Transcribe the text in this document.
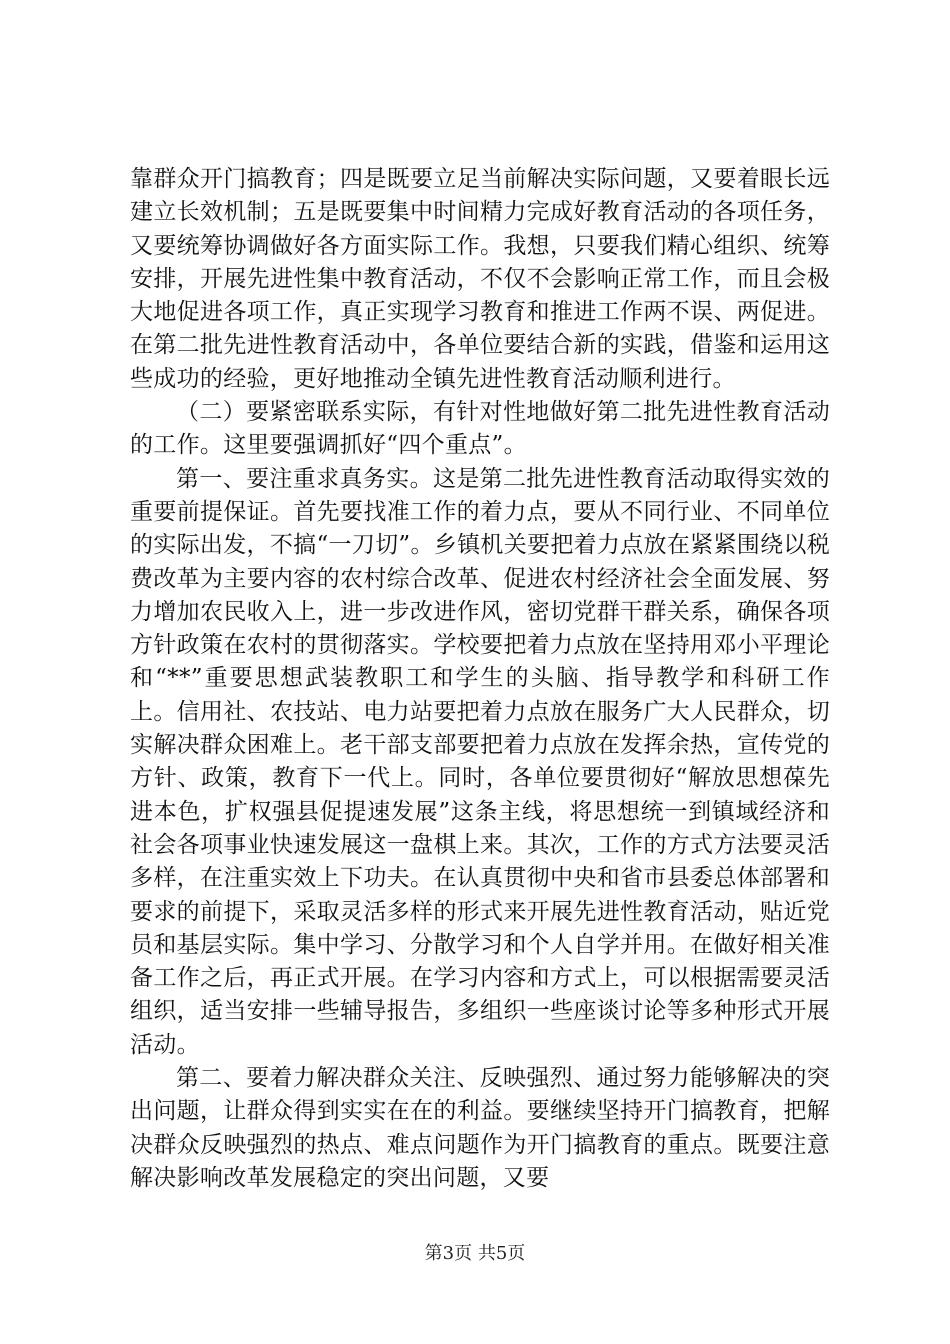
靠群众开门搞教育；四是既要立足当前解决实际问题，又要着眼长远建立长效机制；五是既要集中时间精力完成好教育活动的各项任务，又要统筹协调做好各方面实际工作。我想，只要我们精心组织、统筹安排，开展先进性集中教育活动，不仅不会影响正常工作，而且会极大地促进各项工作，真正实现学习教育和推进工作两不误、两促进。在第二批先进性教育活动中，各单位要结合新的实践，借鉴和运用这些成功的经验，更好地推动全镇先进性教育活动顺利进行。

（二）要紧密联系实际，有针对性地做好第二批先进性教育活动的工作。这里要强调抓好“四个重点”。

第一、要注重求真务实。这是第二批先进性教育活动取得实效的重要前提保证。首先要找准工作的着力点，要从不同行业、不同单位的实际出发，不搞“一刀切”。乡镇机关要把着力点放在紧紧围绕以税费改革为主要内容的农村综合改革、促进农村经济社会全面发展、努力增加农民收入上，进一步改进作风，密切党群干群关系，确保各项方针政策在农村的贯彻落实。学校要把着力点放在坚持用邓小平理论和“**”重要思想武装教职工和学生的头脑、指导教学和科研工作上。信用社、农技站、电力站要把着力点放在服务广大人民群众，切实解决群众困难上。老干部支部要把着力点放在发挥余热，宣传党的方针、政策，教育下一代上。同时，各单位要贯彻好“解放思想葆先进本色，扩权强县促提速发展”这条主线，将思想统一到镇域经济和社会各项事业快速发展这一盘棋上来。其次，工作的方式方法要灵活多样，在注重实效上下功夫。在认真贯彻中央和省市县委总体部署和要求的前提下，采取灵活多样的形式来开展先进性教育活动，贴近党员和基层实际。集中学习、分散学习和个人自学并用。在做好相关准备工作之后，再正式开展。在学习内容和方式上，可以根据需要灵活组织，适当安排一些辅导报告，多组织一些座谈讨论等多种形式开展活动。

第二、要着力解决群众关注、反映强烈、通过努力能够解决的突出问题，让群众得到实实在在的利益。要继续坚持开门搞教育，把解决群众反映强烈的热点、难点问题作为开门搞教育的重点。既要注意解决影响改革发展稳定的突出问题，又要

第3页 共5页
